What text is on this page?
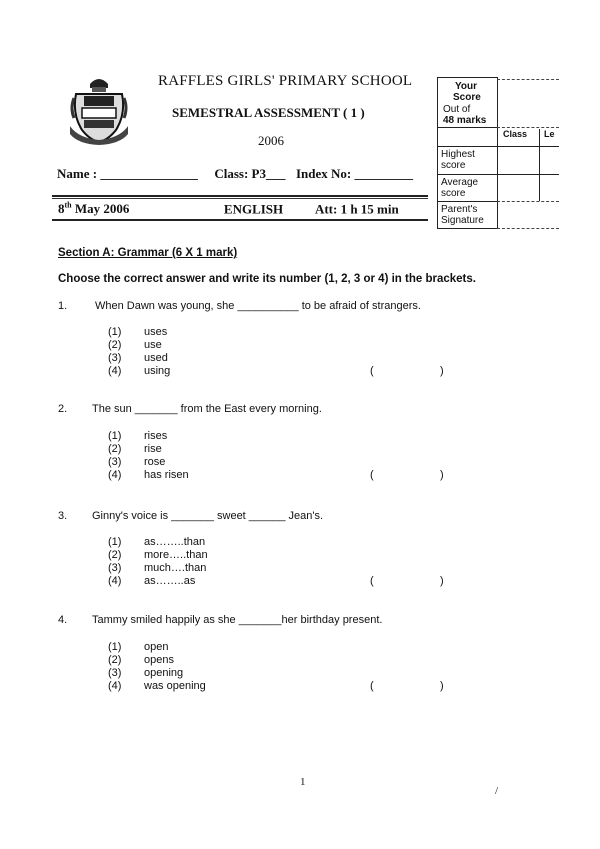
RAFFLES GIRLS' PRIMARY SCHOOL
SEMESTRAL ASSESSMENT ( 1 )
2006
Name : _______________ Class: P3___ Index No: _________
8th May 2006	ENGLISH Att: 1 h 15 min
Your
Score
Out of
48 marks
Class Le
Highest
score
Average
score
Parent's
Signature
Section A: Grammar (6 X 1 mark)
Choose the correct answer and write its number (1, 2, 3 or 4) in the brackets.
1.	When Dawn was young, she __________ to be afraid of strangers.
(1) uses
(2) use
(3) used
(4) using	(	)
2. The sun _______ from the East every morning.
(1) rises
(2) rise
(3) rose
(4) has risen	(	)
3. Ginny's voice is _______ sweet ______ Jean's.
(1) as……..than
(2) more…..than
(3) much….than
(4) as……..as	(	)
4. Tammy smiled happily as she _______her birthday present.
(1) open
(2) opens
(3) opening
(4) was opening	(	)
1
/
